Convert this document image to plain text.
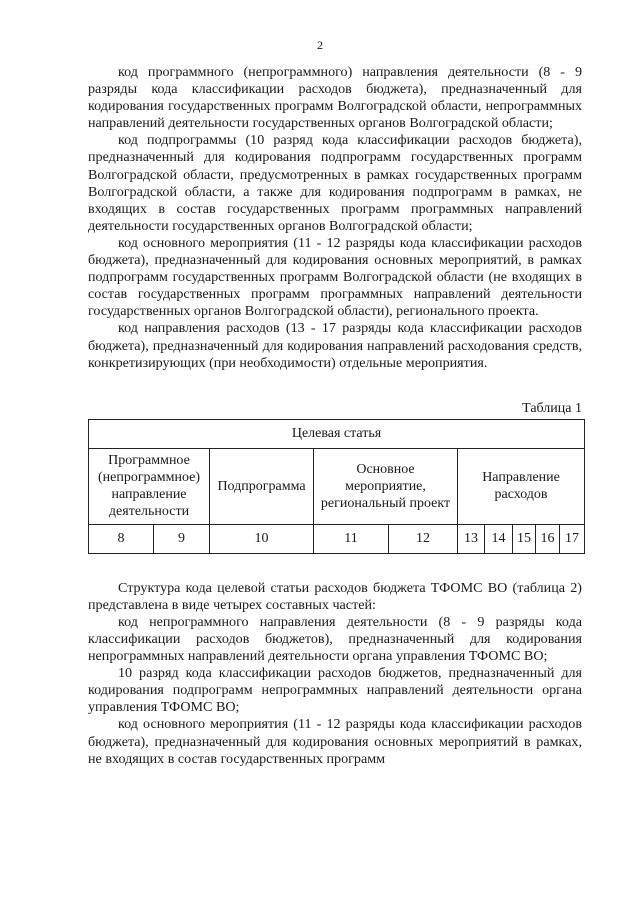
2

код программного (непрограммного) направления деятельности (8 - 9 разряды кода классификации расходов бюджета), предназначенный для кодирования государственных программ Волгоградской области, непрограммных направлений деятельности государственных органов Волгоградской области;

код подпрограммы (10 разряд кода классификации расходов бюджета), предназначенный для кодирования подпрограмм государственных программ Волгоградской области, предусмотренных в рамках государственных программ Волгоградской области, а также для кодирования подпрограмм в рамках, не входящих в состав государственных программ программных направлений деятельности государственных органов Волгоградской области;

код основного мероприятия (11 - 12 разряды кода классификации расходов бюджета), предназначенный для кодирования основных мероприятий, в рамках подпрограмм государственных программ Волгоградской области (не входящих в состав государственных программ программных направлений деятельности государственных органов Волгоградской области), регионального проекта.

код направления расходов (13 - 17 разряды кода классификации расходов бюджета), предназначенный для кодирования направлений расходования средств, конкретизирующих (при необходимости) отдельные мероприятия.

Таблица 1

Целевая статья									
Программное (непрограммное) направление деятельности		Подпрограмма	Основное мероприятие, региональный проект		Направление расходов				
8	9	10	11	12	13	14	15	16	17

Структура кода целевой статьи расходов бюджета ТФОМС ВО (таблица 2) представлена в виде четырех составных частей:

код непрограммного направления деятельности (8 - 9 разряды кода классификации расходов бюджетов), предназначенный для кодирования непрограммных направлений деятельности органа управления ТФОМС ВО;

10 разряд кода классификации расходов бюджетов, предназначенный для кодирования подпрограмм непрограммных направлений деятельности органа управления ТФОМС ВО;

код основного мероприятия (11 - 12 разряды кода классификации расходов бюджета), предназначенный для кодирования основных мероприятий в рамках, не входящих в состав государственных программ
